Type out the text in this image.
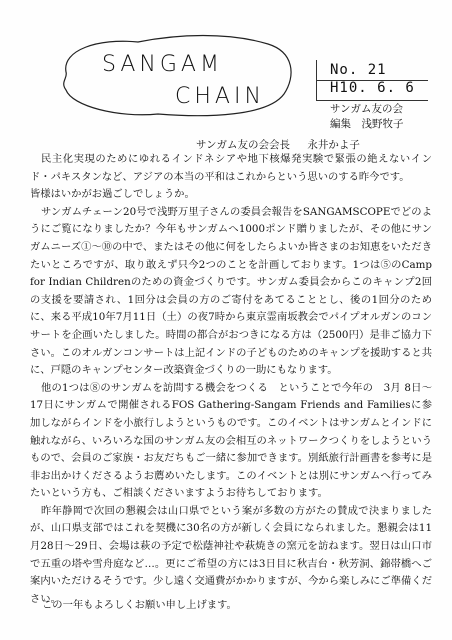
SANGAM
CHAIN
No. 21
H10. 6. 6
サンガム友の会
編集　浅野牧子
サンガム友の会会長 永井かよ子

民主化実現のためにゆれるインドネシアや地下核爆発実験で緊張の絶えないインド・パキスタンなど、アジアの本当の平和はこれからという思いのする昨今です。

皆様はいかがお過ごしでしょうか。

サンガムチェーン20号で浅野万里子さんの委員会報告をSANGAMSCOPEでどのようにご覧になりましたか？今年もサンガムへ1000ポンド贈りましたが、その他にサンガムニーズ①～⑩の中で、またはその他に何をしたらよいか皆さまのお知恵をいただきたいところですが、取り敢えず只今2つのことを計画しております。1つは⑤のCamp for Indian Childrenのための資金づくりです。サンガム委員会からこのキャンプ2回の支援を要請され、1回分は会員の方のご寄付をあてることとし、後の1回分のために、来る平成10年7月11日（土）の夜7時から東京霊南坂教会でパイプオルガンのコンサートを企画いたしました。時間の都合がおつきになる方は（2500円）是非ご協力下さい。このオルガンコンサートは上記インドの子どものためのキャンプを援助すると共に、戸隠のキャンプセンター改築資金づくりの一助にもなります。

他の1つは⑧のサンガムを訪問する機会をつくる　ということで今年の　3月 8日～17日にサンガムで開催されるFOS Gathering-Sangam Friends and Familiesに参加しながらインドを小旅行しようというものです。このイベントはサンガムとインドに触れながら、いろいろな国のサンガム友の会相互のネットワークつくりをしようというもので、会員のご家族・お友だちもご一緒に参加できます。別紙旅行計画書を参考に是非お出かけくださるようお薦めいたします。このイベントとは別にサンガムへ行ってみたいという方も、ご相談くださいますようお待ちしております。

昨年静岡で次回の懇親会は山口県でという案が多数の方がたの賛成で決まりましたが、山口県支部ではこれを契機に30名の方が新しく会員になられました。懇親会は11月28日～29日、会場は萩の予定で松蔭神社や萩焼きの窯元を訪ねます。翌日は山口市で五重の塔や雪舟庭など…。更にご希望の方には3日目に秋吉台・秋芳洞、錦帯橋へご案内いただけるそうです。少し遠く交通費がかかりますが、今から楽しみにご準備ください。

この一年もよろしくお願い申し上げます。
